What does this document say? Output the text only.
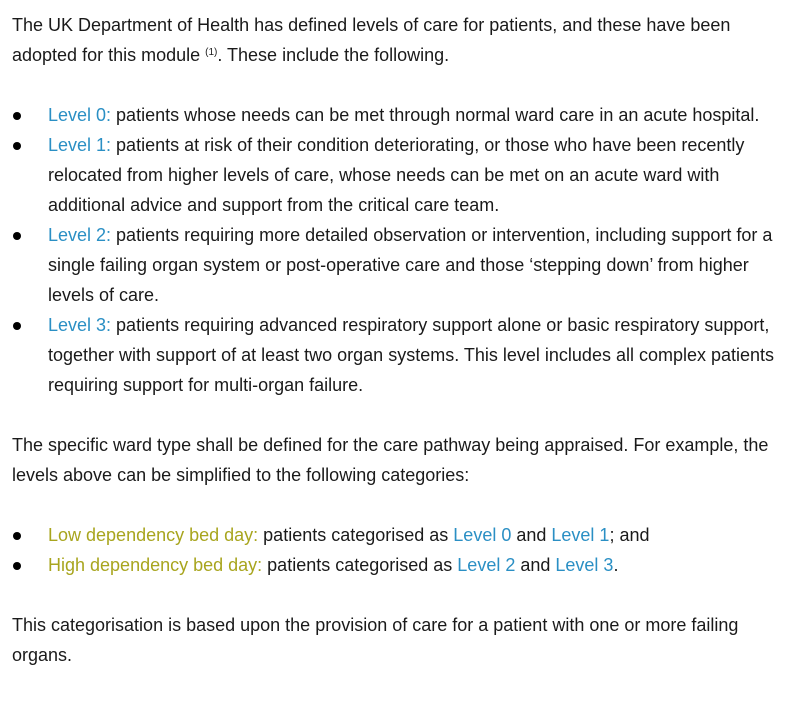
The UK Department of Health has defined levels of care for patients, and these have been adopted for this module $^{(1)}$. These include the following.

Level 0: patients whose needs can be met through normal ward care in an acute hospital.
Level 1: patients at risk of their condition deteriorating, or those who have been recently relocated from higher levels of care, whose needs can be met on an acute ward with additional advice and support from the critical care team.
Level 2: patients requiring more detailed observation or intervention, including support for a single failing organ system or post-operative care and those ‘stepping down’ from higher levels of care.
Level 3: patients requiring advanced respiratory support alone or basic respiratory support, together with support of at least two organ systems. This level includes all complex patients requiring support for multi-organ failure.

The specific ward type shall be defined for the care pathway being appraised. For example, the levels above can be simplified to the following categories:

Low dependency bed day: patients categorised as Level 0 and Level 1; and
High dependency bed day: patients categorised as Level 2 and Level 3.

This categorisation is based upon the provision of care for a patient with one or more failing organs.
